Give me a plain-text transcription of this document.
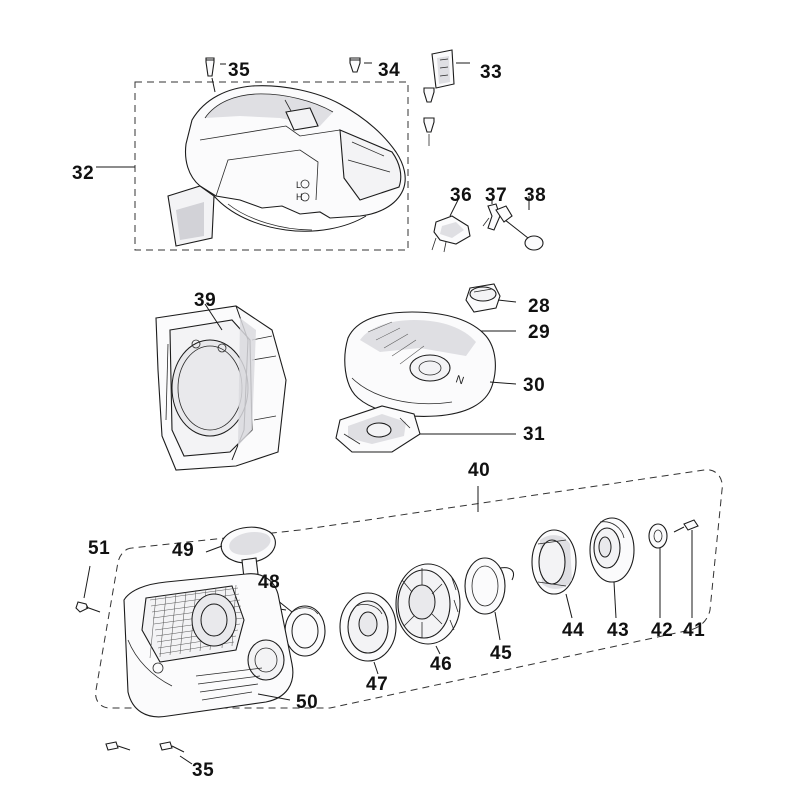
L
H
N
32
35	34	33
36 37 38
39	28
29
30
31
40
51	49
48
47
46
45
44 43 42 41
50
35
